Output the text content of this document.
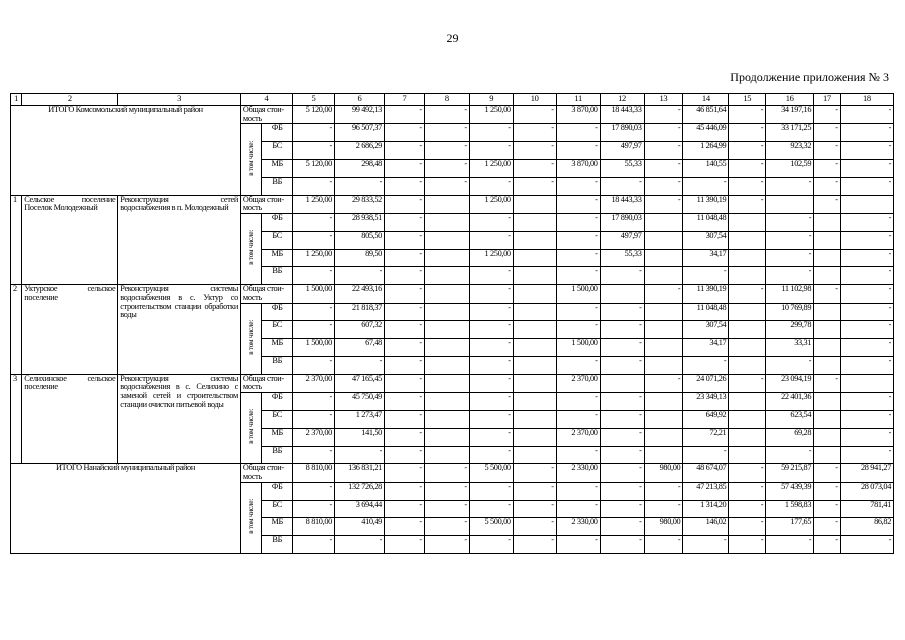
29
Продолжение приложения № 3
1	2	3	4		5	6	7	8	9	10	11	12	13	14	15	16	17	18
ИТОГО Комсомольский муниципальный район			Общая стои-мость		5 120,00	99 492,13	-	-	1 250,00	-	3 870,00	18 443,33	-	46 851,64	-	34 197,16	-	-
			в том числе:	ФБ	-	96 507,37	-	-	-	-	-	17 890,03	-	45 446,09	-	33 171,25	-	-
				БС	-	2 686,29	-	-	-	-	-	497,97	-	1 264,99	-	923,32	-	-
				МБ	5 120,00	298,48	-	-	1 250,00	-	3 870,00	55,33	-	140,55	-	102,59	-	-
				ВБ	-	-	-	-	-	-	-	-	-	-	-	-	-	-
1	Сельское поселение Поселок Молодежный	Реконструкция сетей водоснабжения в п. Молодежный	Общая стои-мость		1 250,00	29 833,52	-		1 250,00		-	18 443,33	-	11 390,19	-		-	
			в том числе:	ФБ	-	28 938,51	-		-		-	17 890,03		11 048,48		-		-
				БС	-	805,50	-		-		-	497,97		307,54		-		-
				МБ	1 250,00	89,50	-		1 250,00		-	55,33		34,17		-		-
				ВБ	-	-	-		-		-	-		-		-		-
2	Уктурское сельское поселение	Реконструкция системы водоснабжения в с. Уктур со строительством станции обработки воды	Общая стои-мость		1 500,00	22 493,16	-		-		1 500,00		-	11 390,19	-	11 102,98	-	-
			в том числе:	ФБ	-	21 818,37	-		-		-	-		11 048,48		10 769,89		-
				БС	-	607,32	-		-		-	-		307,54		299,78		-
				МБ	1 500,00	67,48	-		-		1 500,00	-		34,17		33,31		-
				ВБ	-	-	-		-		-	-		-		-		-
3	Селихинское сельское поселение	Реконструкция системы водоснабжения в с. Селихино с заменой сетей и строительством станции очистки питьевой воды	Общая стои-мость		2 370,00	47 165,45	-		-		2 370,00		-	24 071,26	-	23 094,19	-	
			в том числе:	ФБ	-	45 750,49	-		-		-	-		23 349,13		22 401,36		-
				БС	-	1 273,47	-		-		-	-		649,92		623,54		-
				МБ	2 370,00	141,50	-		-		2 370,00	-		72,21		69,28		-
				ВБ	-	-	-		-		-	-		-		-		-
ИТОГО Нанайский муниципальный район			Общая стои-мость		8 810,00	136 831,21	-	-	5 500,00	-	2 330,00	-	980,00	48 674,07	-	59 215,87	-	28 941,27
			в том числе:	ФБ	-	132 726,28	-	-	-	-	-	-	-	47 213,85	-	57 439,39	-	28 073,04
				БС	-	3 694,44	-	-	-	-	-	-	-	1 314,20	-	1 598,83	-	781,41
				МБ	8 810,00	410,49	-	-	5 500,00	-	2 330,00	-	980,00	146,02	-	177,65	-	86,82
				ВБ	-	-	-	-	-	-	-	-	-	-	-	-	-	-
